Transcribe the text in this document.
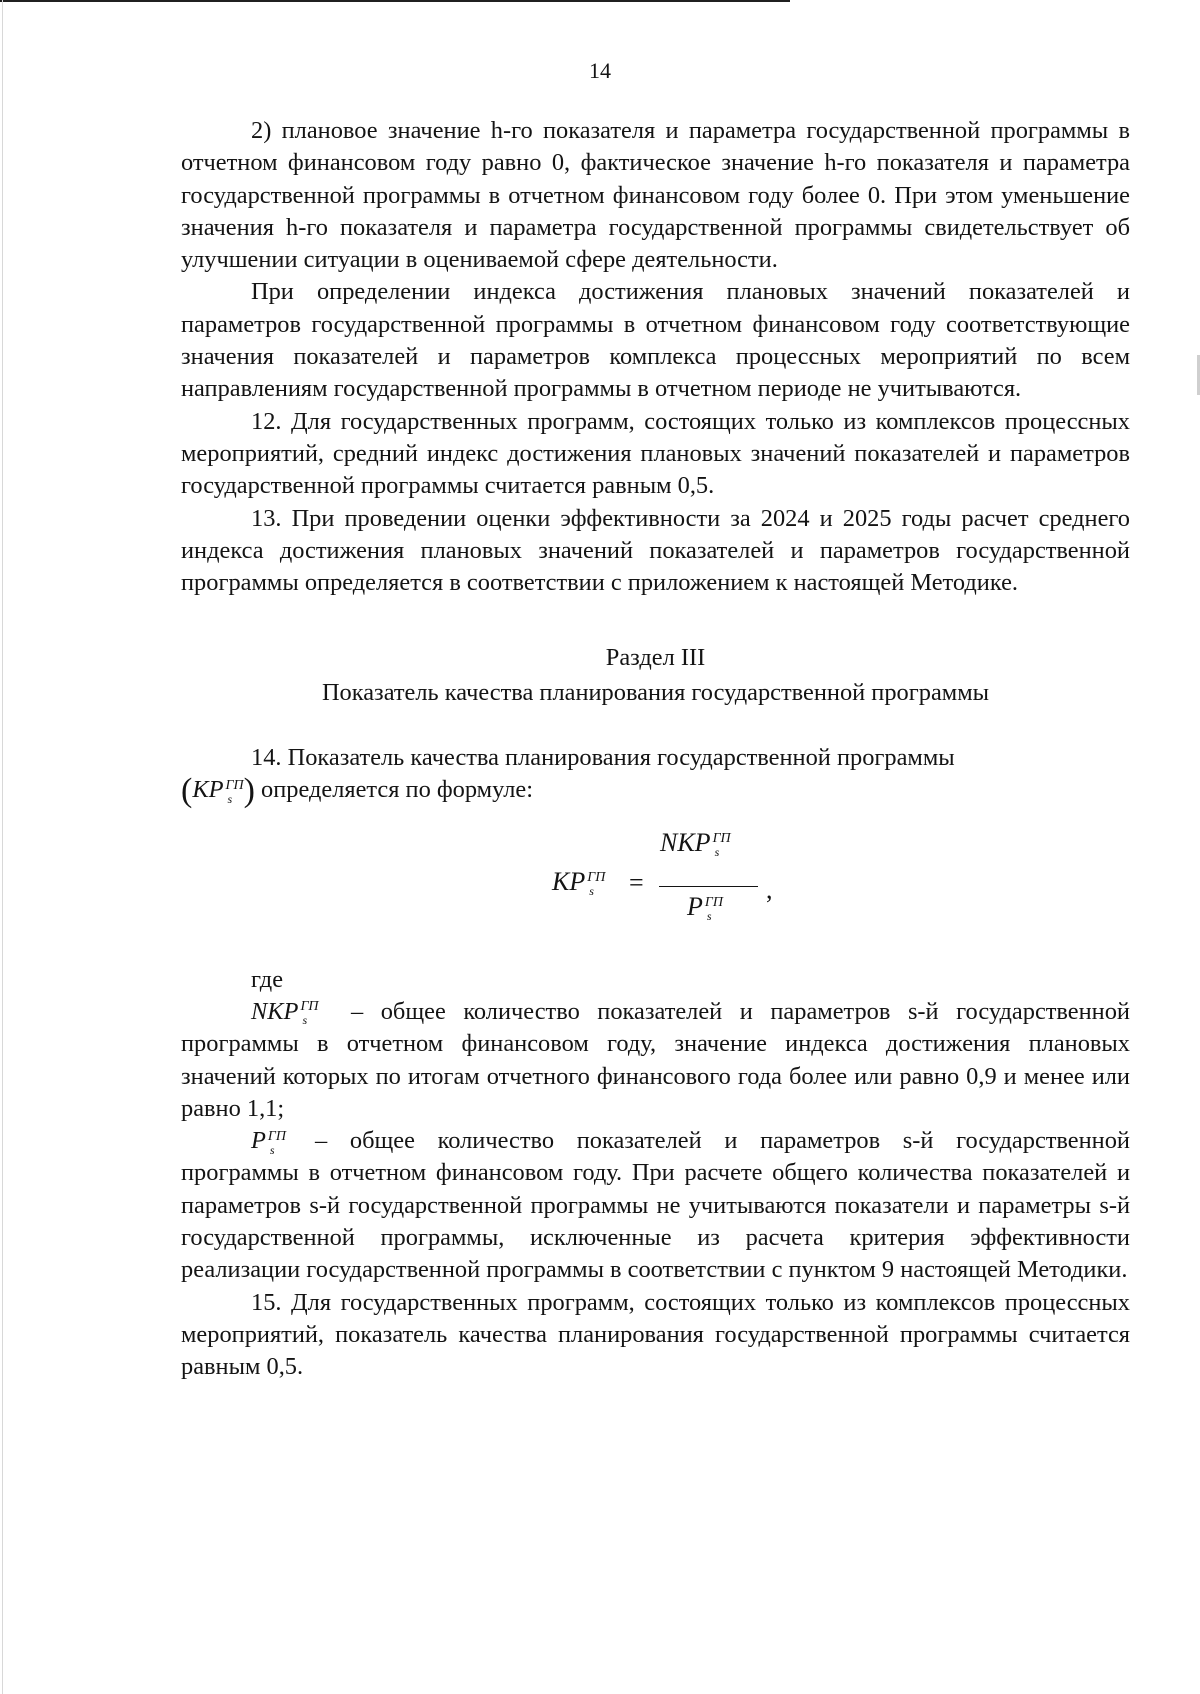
14

2) плановое значение h-го показателя и параметра государственной программы в отчетном финансовом году равно 0, фактическое значение h-го показателя и параметра государственной программы в отчетном финансовом году более 0. При этом уменьшение значения h-го показателя и параметра государственной программы свидетельствует об улучшении ситуации в оцениваемой сфере деятельности.

При определении индекса достижения плановых значений показателей и параметров государственной программы в отчетном финансовом году соответствующие значения показателей и параметров комплекса процессных мероприятий по всем направлениям государственной программы в отчетном периоде не учитываются.

12. Для государственных программ, состоящих только из комплексов процессных мероприятий, средний индекс достижения плановых значений показателей и параметров государственной программы считается равным 0,5.

13. При проведении оценки эффективности за 2024 и 2025 годы расчет среднего индекса достижения плановых значений показателей и параметров государственной программы определяется в соответствии с приложением к настоящей Методике.

Раздел III

Показатель качества планирования государственной программы

14. Показатель качества планирования государственной программы

(KP ГП
s ) определяется по формуле:

KP ГП
s	=
NKP ГП
s
P ГП
s
,

где

NKP ГП
s	– общее количество показателей и параметров s-й государственной программы в отчетном финансовом году, значение индекса достижения плановых значений которых по итогам отчетного финансового года более или равно 0,9 и менее или равно 1,1;

P ГП
s	– общее количество показателей и параметров s-й государственной программы в отчетном финансовом году. При расчете общего количества показателей и параметров s-й государственной программы не учитываются показатели и параметры s-й государственной программы, исключенные из расчета критерия эффективности реализации государственной программы в соответствии с пунктом 9 настоящей Методики.

15. Для государственных программ, состоящих только из комплексов процессных мероприятий, показатель качества планирования государственной программы считается равным 0,5.
